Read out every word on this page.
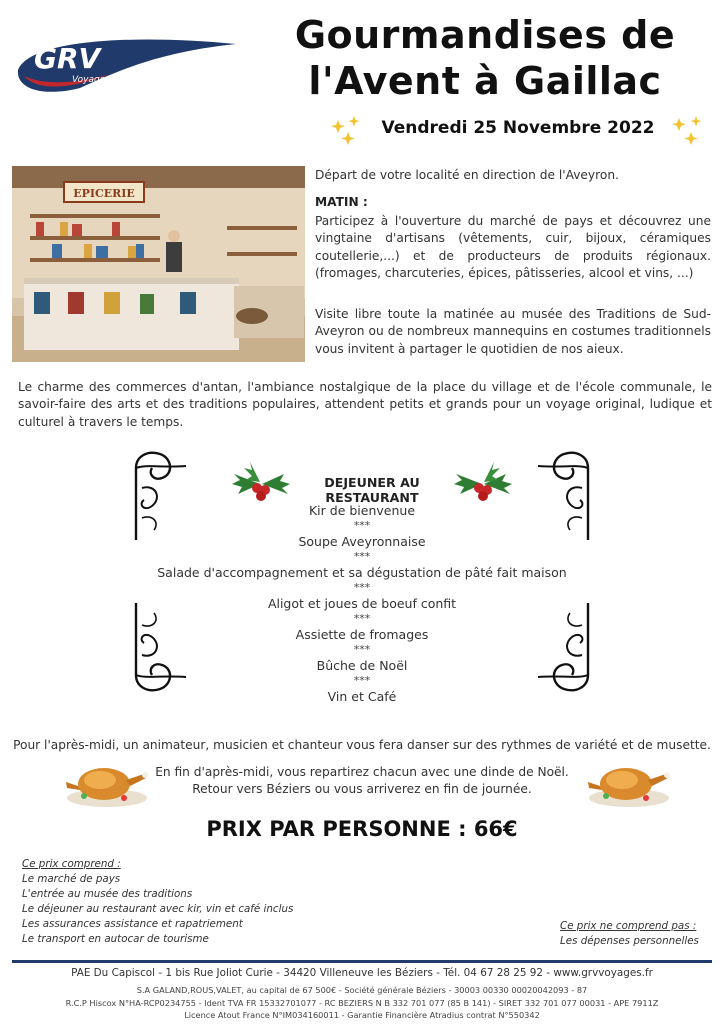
GRV
Voyages
Gourmandises de
l'Avent à Gaillac
Vendredi 25 Novembre 2022
EPICERIE
Départ de votre localité en direction de l'Aveyron.
MATIN :
Participez à l'ouverture du marché de pays et découvrez une vingtaine d'artisans (vêtements, cuir, bijoux, céramiques coutellerie,...) et de producteurs de produits régionaux. (fromages, charcuteries, épices, pâtisseries, alcool et vins, ...)
Visite libre toute la matinée au musée des Traditions de Sud-Aveyron ou de nombreux mannequins en costumes traditionnels vous invitent à partager le quotidien de nos aieux.
Le charme des commerces d'antan, l'ambiance nostalgique de la place du village et de l'école communale, le savoir-faire des arts et des traditions populaires, attendent petits et grands pour un voyage original, ludique et culturel à travers le temps.
DEJEUNER AU RESTAURANT
Kir de bienvenue
***
Soupe Aveyronnaise
***
Salade d'accompagnement et sa dégustation de pâté fait maison
***
Aligot et joues de boeuf confit
***
Assiette de fromages
***
Bûche de Noël
***
Vin et Café
Pour l'après-midi, un animateur, musicien et chanteur vous fera danser sur des rythmes de variété et de musette.
En fin d'après-midi, vous repartirez chacun avec une dinde de Noël.
Retour vers Béziers ou vous arriverez en fin de journée.
PRIX PAR PERSONNE : 66€
Ce prix comprend :
Le marché de pays
L'entrée au musée des traditions
Le déjeuner au restaurant avec kir, vin et café inclus
Les assurances assistance et rapatriement
Le transport en autocar de tourisme
Ce prix ne comprend pas :
Les dépenses personnelles
PAE Du Capiscol - 1 bis Rue Joliot Curie - 34420 Villeneuve les Béziers - Tél. 04 67 28 25 92 - www.grvvoyages.fr
S.A GALAND,ROUS,VALET, au capital de 67 500€ - Société générale Béziers - 30003 00330 00020042093 - 87
R.C.P Hiscox N°HA-RCP0234755 - Ident TVA FR 15332701077 - RC BEZIERS N B 332 701 077 (85 B 141) - SIRET 332 701 077 00031 - APE 7911Z
Licence Atout France N°IM034160011 - Garantie Financière Atradius contrat N°550342
